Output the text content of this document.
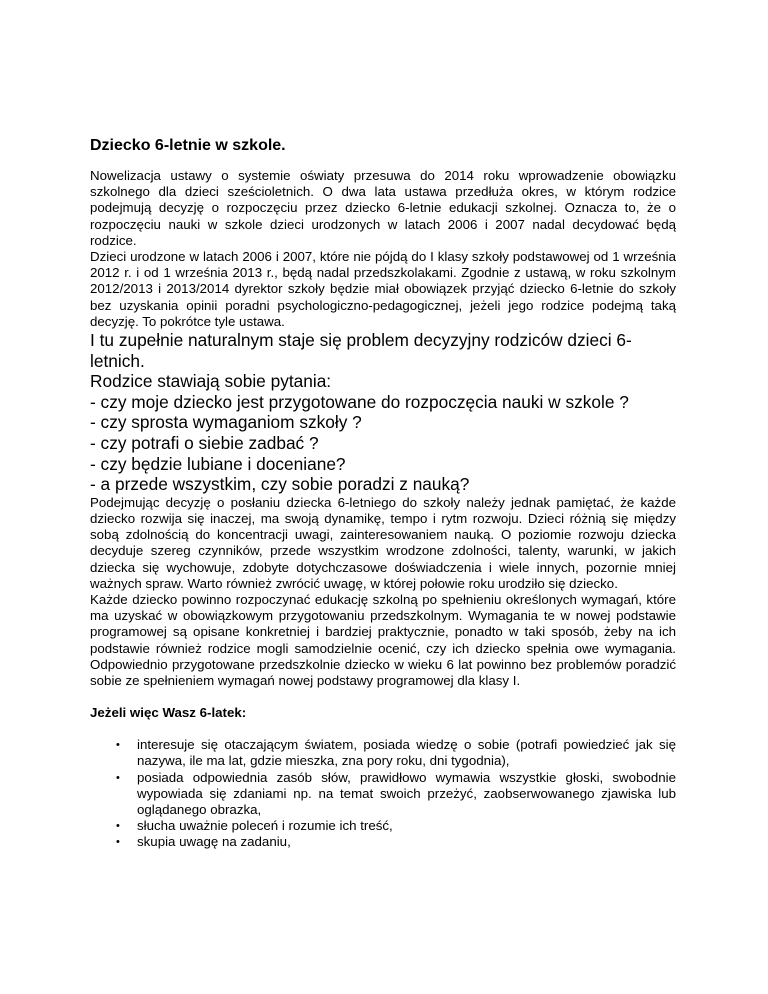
Dziecko 6-letnie w szkole.

Nowelizacja ustawy o systemie oświaty przesuwa do 2014 roku wprowadzenie obowiązku szkolnego dla dzieci sześcioletnich. O dwa lata ustawa przedłuża okres, w którym rodzice podejmują decyzję o rozpoczęciu przez dziecko 6-letnie edukacji szkolnej. Oznacza to, że o rozpoczęciu nauki w szkole dzieci urodzonych w latach 2006 i 2007 nadal decydować będą rodzice.

Dzieci urodzone w latach 2006 i 2007, które nie pójdą do I klasy szkoły podstawowej od 1 września 2012 r. i od 1 września 2013 r., będą nadal przedszkolakami. Zgodnie z ustawą, w roku szkolnym 2012/2013 i 2013/2014 dyrektor szkoły będzie miał obowiązek przyjąć dziecko 6-letnie do szkoły bez uzyskania opinii poradni psychologiczno-pedagogicznej, jeżeli jego rodzice podejmą taką decyzję. To pokrótce tyle ustawa.

I tu zupełnie naturalnym staje się problem decyzyjny rodziców dzieci 6-letnich.

Rodzice stawiają sobie pytania:

- czy moje dziecko jest przygotowane do rozpoczęcia nauki w szkole ?

- czy sprosta wymaganiom szkoły ?

- czy potrafi o siebie zadbać ?

- czy będzie lubiane i doceniane?

- a przede wszystkim, czy sobie poradzi z nauką?

Podejmując decyzję o posłaniu dziecka 6-letniego do szkoły należy jednak pamiętać, że każde dziecko rozwija się inaczej, ma swoją dynamikę, tempo i rytm rozwoju. Dzieci różnią się między sobą zdolnością do koncentracji uwagi, zainteresowaniem nauką. O poziomie rozwoju dziecka decyduje szereg czynników, przede wszystkim wrodzone zdolności, talenty, warunki, w jakich dziecka się wychowuje, zdobyte dotychczasowe doświadczenia i wiele innych, pozornie mniej ważnych spraw. Warto również zwrócić uwagę, w której połowie roku urodziło się dziecko.

Każde dziecko powinno rozpoczynać edukację szkolną po spełnieniu określonych wymagań, które ma uzyskać w obowiązkowym przygotowaniu przedszkolnym. Wymagania te w nowej podstawie programowej są opisane konkretniej i bardziej praktycznie, ponadto w taki sposób, żeby na ich podstawie również rodzice mogli samodzielnie ocenić, czy ich dziecko spełnia owe wymagania. Odpowiednio przygotowane przedszkolnie dziecko w wieku 6 lat powinno bez problemów poradzić sobie ze spełnieniem wymagań nowej podstawy programowej dla klasy I.

Jeżeli więc Wasz 6-latek:
• interesuje się otaczającym światem, posiada wiedzę o sobie (potrafi powiedzieć jak się nazywa, ile ma lat, gdzie mieszka, zna pory roku, dni tygodnia),
• posiada odpowiednia zasób słów, prawidłowo wymawia wszystkie głoski, swobodnie wypowiada się zdaniami np. na temat swoich przeżyć, zaobserwowanego zjawiska lub oglądanego obrazka,
• słucha uważnie poleceń i rozumie ich treść,
• skupia uwagę na zadaniu,
